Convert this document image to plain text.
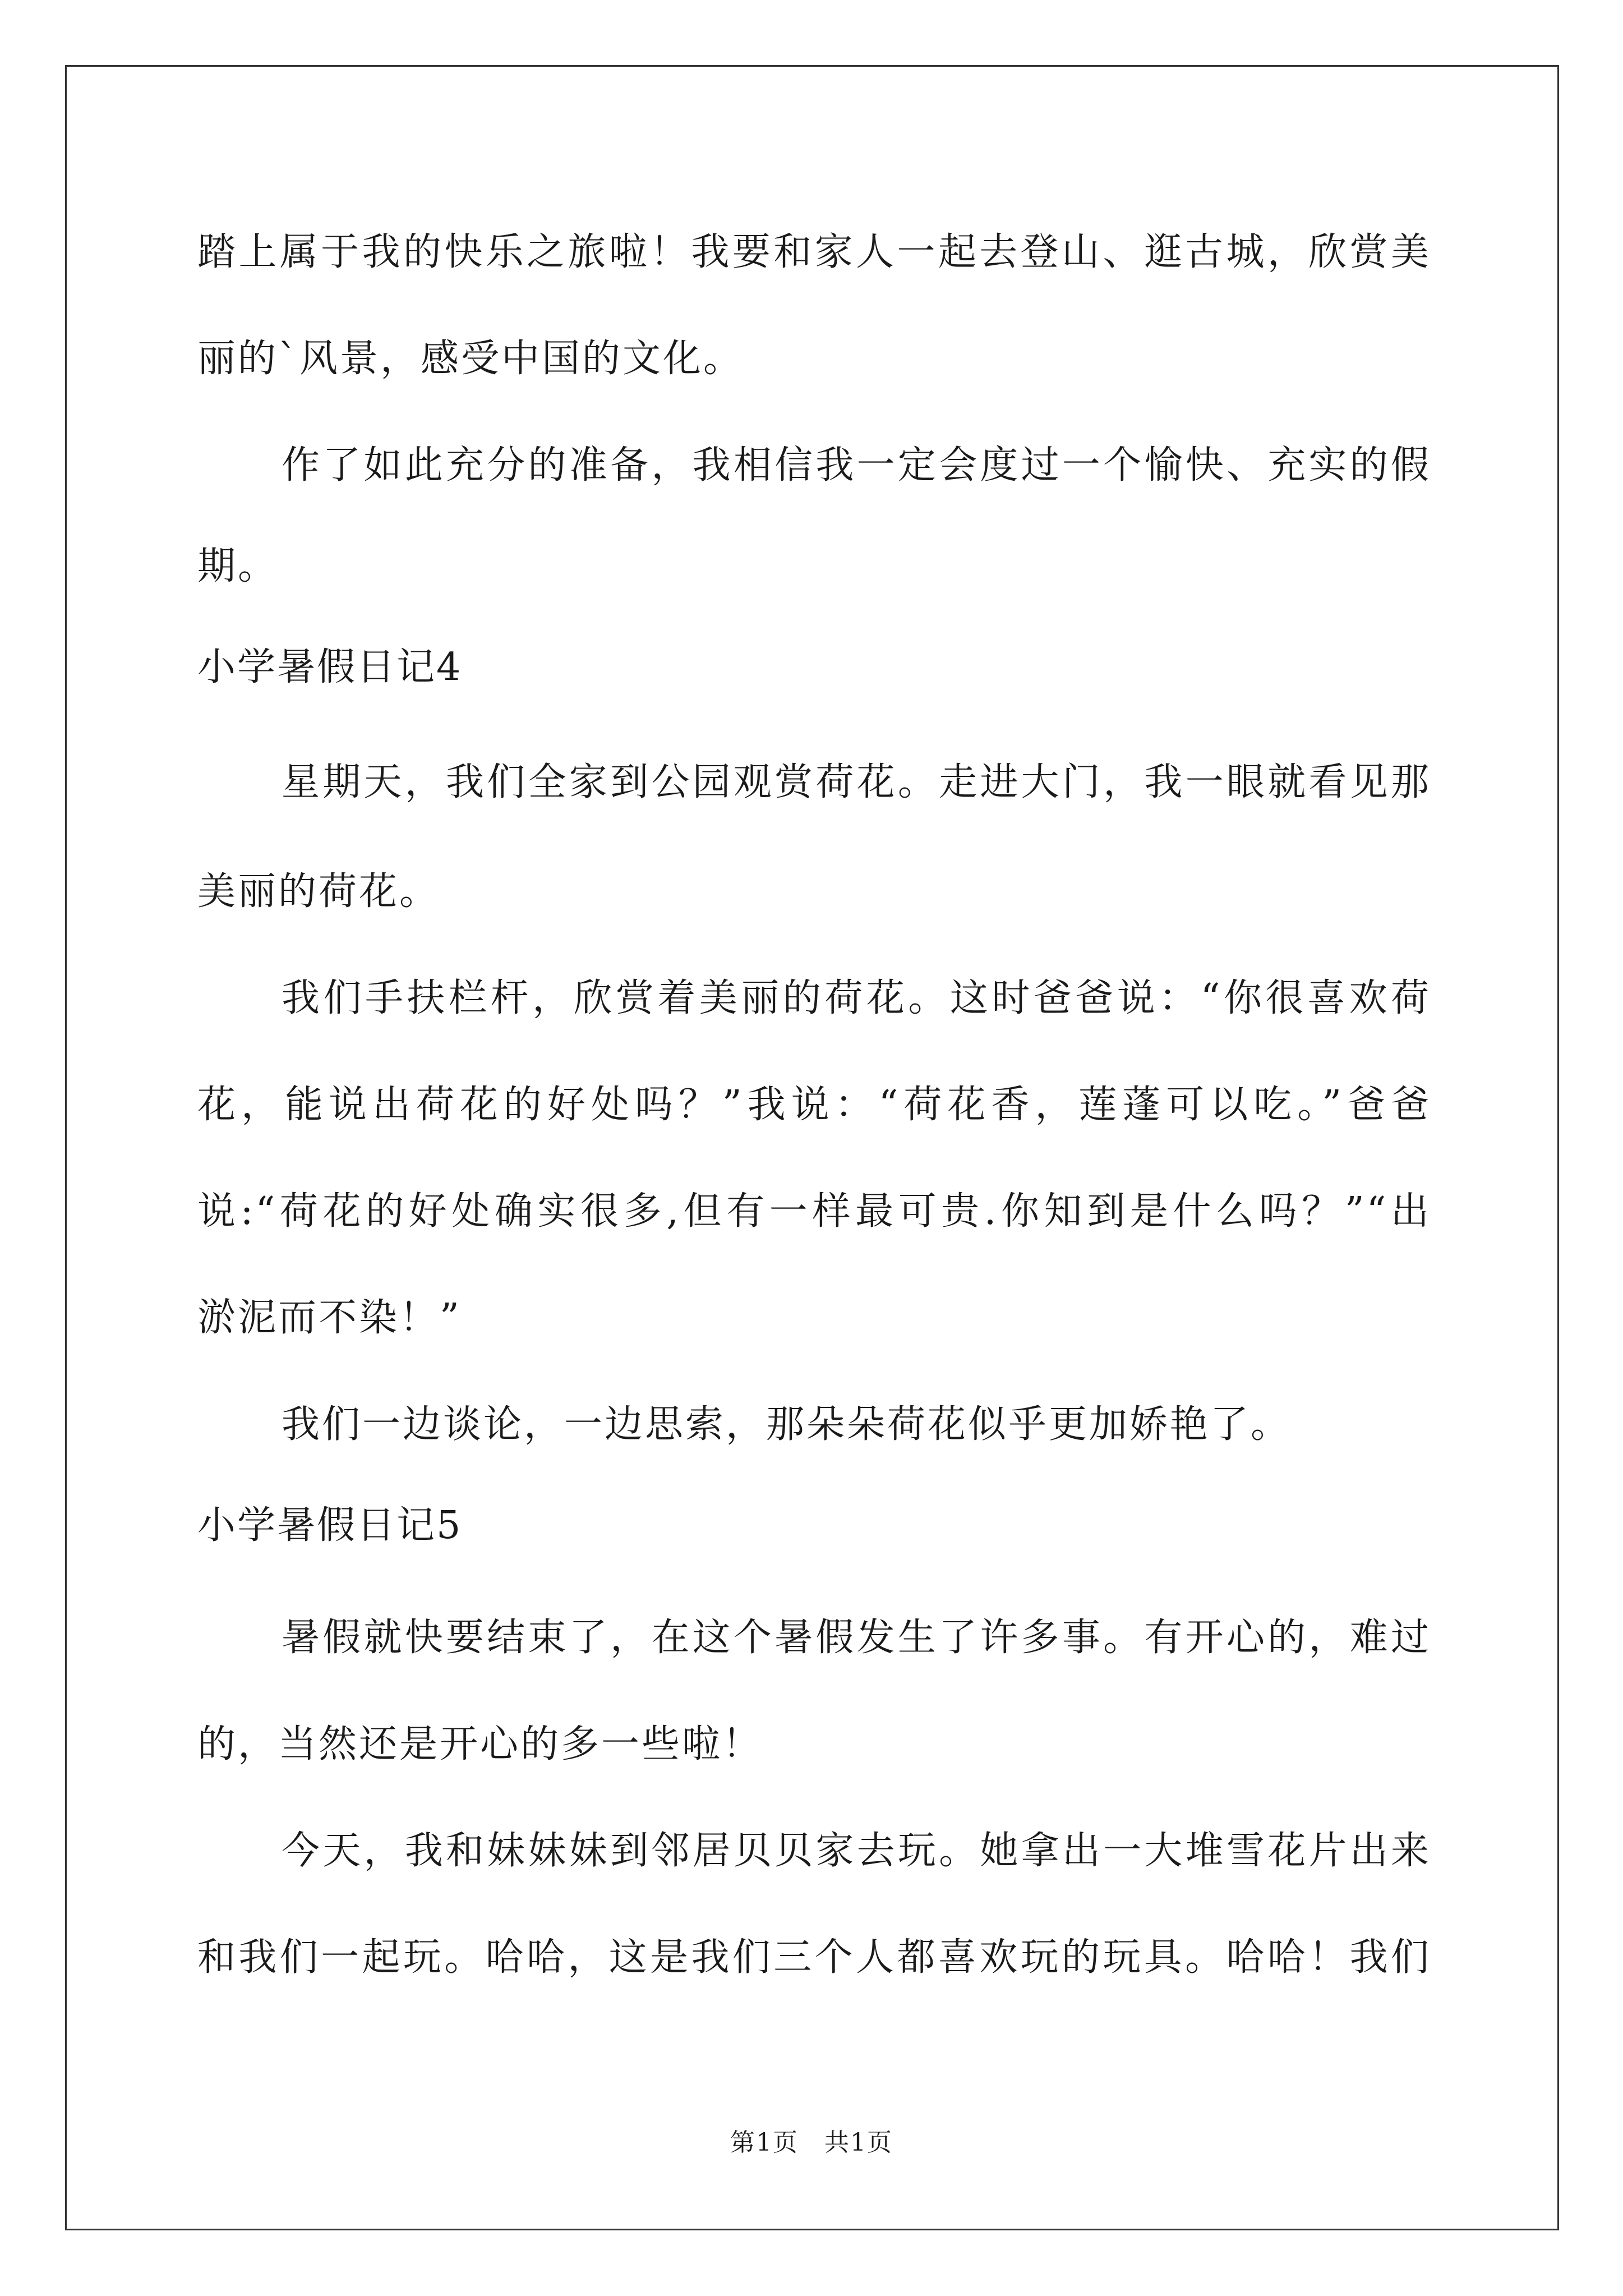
踏上属于我的快乐之旅啦！我要和家人一起去登山、逛古城，欣赏美
丽的`风景，感受中国的文化。
作了如此充分的准备，我相信我一定会度过一个愉快、充实的假
期。
小学暑假日记4
星期天，我们全家到公园观赏荷花。走进大门，我一眼就看见那
美丽的荷花。
我们手扶栏杆，欣赏着美丽的荷花。这时爸爸说：“你很喜欢荷
花，能说出荷花的好处吗？”我说：“荷花香，莲蓬可以吃。”爸爸
说:“荷花的好处确实很多,但有一样最可贵.你知到是什么吗？”“出
淤泥而不染！”
我们一边谈论，一边思索，那朵朵荷花似乎更加娇艳了。
小学暑假日记5
暑假就快要结束了，在这个暑假发生了许多事。有开心的，难过
的，当然还是开心的多一些啦！
今天，我和妹妹妹到邻居贝贝家去玩。她拿出一大堆雪花片出来
和我们一起玩。哈哈，这是我们三个人都喜欢玩的玩具。哈哈！我们
第1页　共1页
